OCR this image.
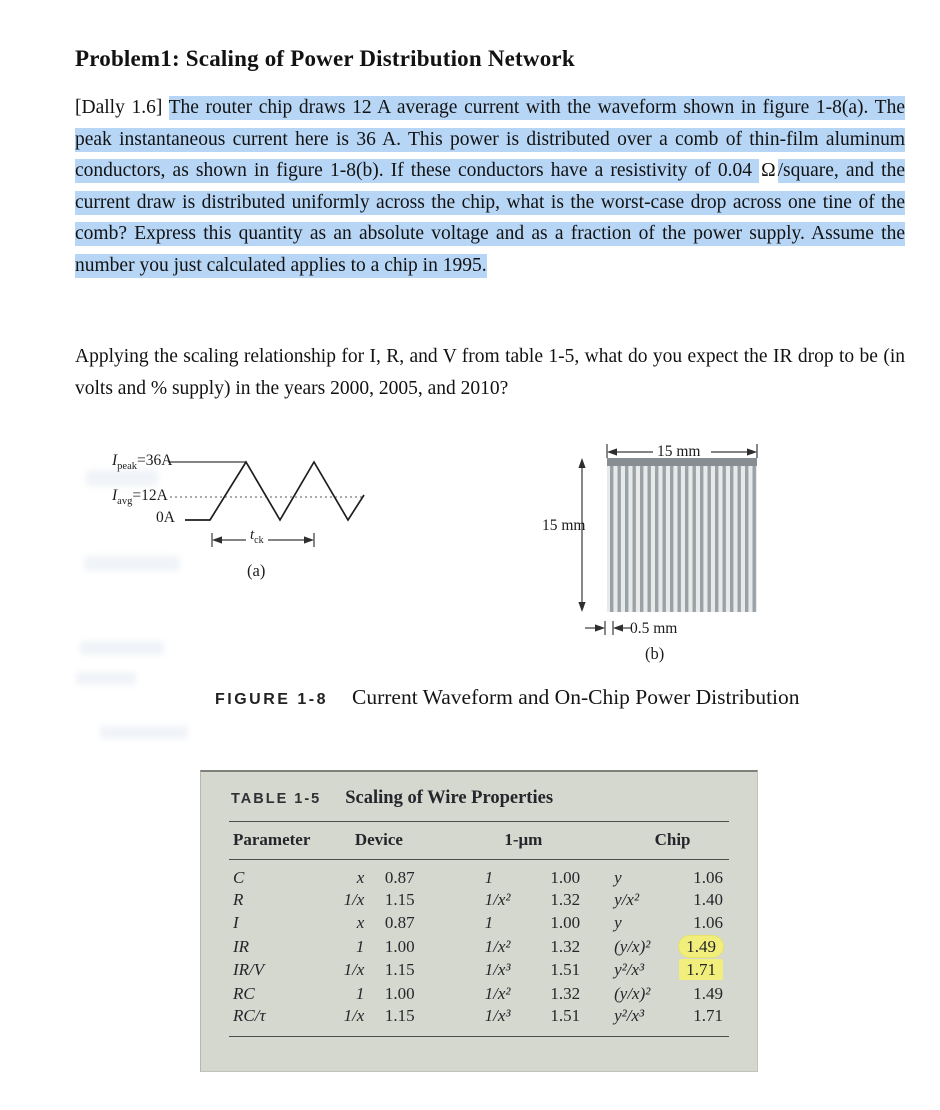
Problem1: Scaling of Power Distribution Network

[Dally 1.6] The router chip draws 12 A average current with the waveform shown in figure 1-8(a). The peak instantaneous current here is 36 A. This power is distributed over a comb of thin-film aluminum conductors, as shown in figure 1-8(b). If these conductors have a resistivity of 0.04 Ω /square, and the current draw is distributed uniformly across the chip, what is the worst-case drop across one tine of the comb? Express this quantity as an absolute voltage and as a fraction of the power supply. Assume the number you just calculated applies to a chip in 1995.

Applying the scaling relationship for I, R, and V from table 1-5, what do you expect the IR drop to be (in volts and % supply) in the years 2000, 2005, and 2010?

$I_{peak}=36A$
$I_{avg}=12A$
0A
$t_{ck}$
(a)
15 mm
15 mm
0.5 mm
(b)
FIGURE 1-8 Current Waveform and On-Chip Power Distribution
TABLE 1-5 Scaling of Wire Properties
Parameter	Device		1-μm		Chip	
C	x	0.87	1	1.00	y	1.06
R	1/x	1.15	1/x²	1.32	y/x²	1.40
I	x	0.87	1	1.00	y	1.06
IR	1	1.00	1/x²	1.32	(y/x)²	1.49
IR/V	1/x	1.15	1/x³	1.51	y²/x³	1.71
RC	1	1.00	1/x²	1.32	(y/x)²	1.49
RC/τ	1/x	1.15	1/x³	1.51	y²/x³	1.71
